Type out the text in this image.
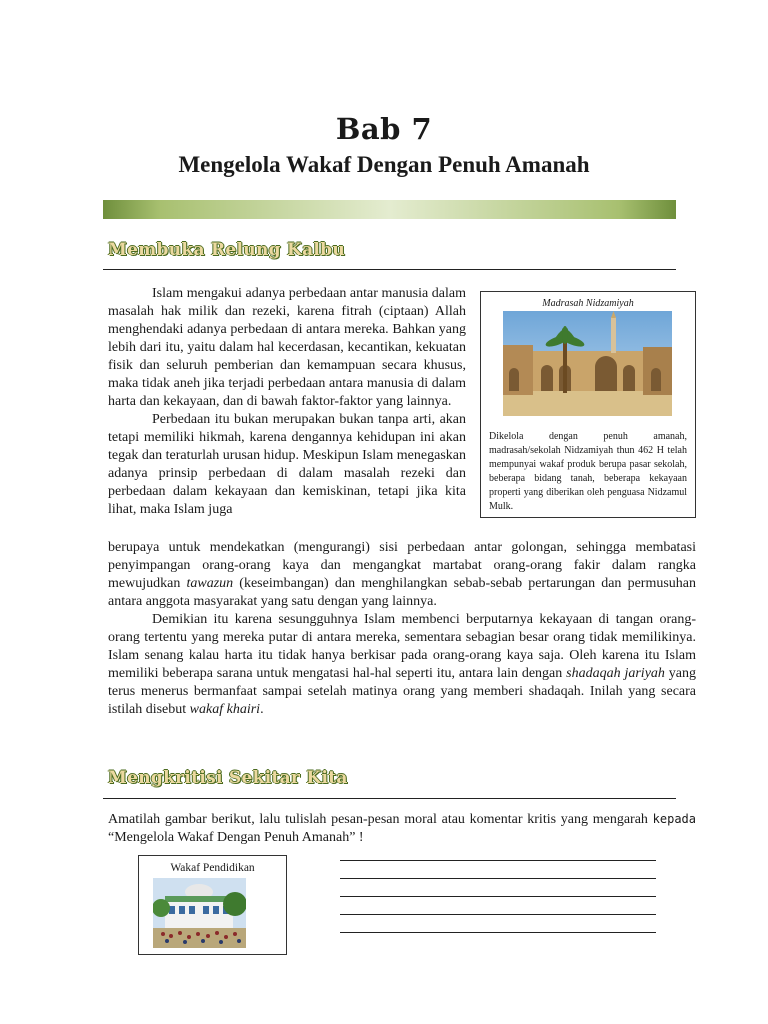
Bab 7
Mengelola Wakaf Dengan Penuh Amanah
Membuka Relung Kalbu

Islam mengakui adanya perbedaan antar manusia dalam masalah hak milik dan rezeki, karena fitrah (ciptaan) Allah menghendaki adanya perbedaan di antara mereka. Bahkan yang lebih dari itu, yaitu dalam hal kecerdasan, kecantikan, kekuatan fisik dan seluruh pemberian dan kemampuan secara khusus, maka tidak aneh jika terjadi perbedaan antara manusia di dalam harta dan kekayaan, dan di bawah faktor-faktor yang lainnya.

Perbedaan itu bukan merupakan bukan tanpa arti, akan tetapi memiliki hikmah, karena dengannya kehidupan ini akan tegak dan teraturlah urusan hidup. Meskipun Islam menegaskan adanya prinsip perbedaan di dalam masalah rezeki dan perbedaan dalam kekayaan dan kemiskinan, tetapi jika kita lihat, maka Islam juga

berupaya untuk mendekatkan (mengurangi) sisi perbedaan antar golongan, sehingga membatasi penyimpangan orang-orang kaya dan mengangkat martabat orang-orang fakir dalam rangka mewujudkan tawazun (keseimbangan) dan menghilangkan sebab-sebab pertarungan dan permusuhan antara anggota masyarakat yang satu dengan yang lainnya.

Demikian itu karena sesungguhnya Islam membenci berputarnya kekayaan di tangan orang-orang tertentu yang mereka putar di antara mereka, sementara sebagian besar orang tidak memilikinya. Islam senang kalau harta itu tidak hanya berkisar pada orang-orang kaya saja. Oleh karena itu Islam memiliki beberapa sarana untuk mengatasi hal-hal seperti itu, antara lain dengan shadaqah jariyah yang terus menerus bermanfaat sampai setelah matinya orang yang memberi shadaqah. Inilah yang secara istilah disebut wakaf khairi.

Madrasah Nidzamiyah
Dikelola dengan penuh amanah, madrasah/sekolah Nidzamiyah thun 462 H telah mempunyai wakaf produk berupa pasar sekolah, beberapa bidang tanah, beberapa kekayaan properti yang diberikan oleh penguasa Nidzamul Mulk.
Mengkritisi Sekitar Kita

Amatilah gambar berikut, lalu tulislah pesan-pesan moral atau komentar kritis yang mengarah kepada “Mengelola Wakaf Dengan Penuh Amanah” !

Wakaf Pendidikan
